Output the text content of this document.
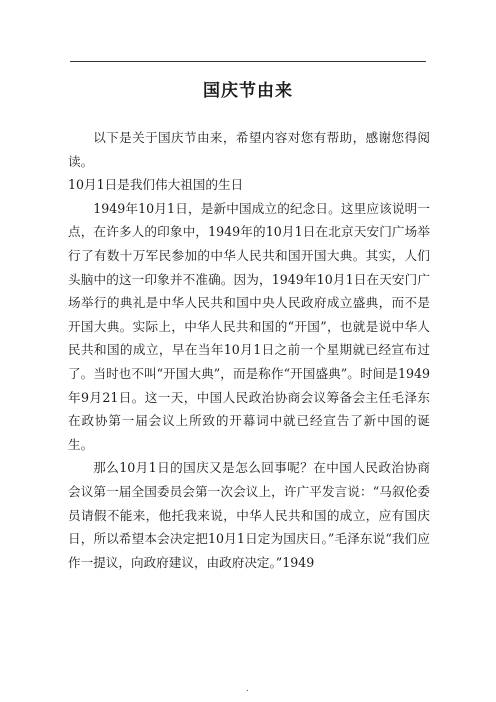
国庆节由来

以下是关于国庆节由来，希望内容对您有帮助，感谢您得阅读。

10月1日是我们伟大祖国的生日

1949年10月1日，是新中国成立的纪念日。这里应该说明一点，在许多人的印象中，1949年的10月1日在北京天安门广场举行了有数十万军民参加的中华人民共和国开国大典。其实，人们头脑中的这一印象并不准确。因为，1949年10月1日在天安门广场举行的典礼是中华人民共和国中央人民政府成立盛典，而不是开国大典。实际上，中华人民共和国的“开国”，也就是说中华人民共和国的成立，早在当年10月1日之前一个星期就已经宣布过了。当时也不叫“开国大典”，而是称作“开国盛典”。时间是1949年9月21日。这一天，中国人民政治协商会议筹备会主任毛泽东在政协第一届会议上所致的开幕词中就已经宣告了新中国的诞生。

那么10月1日的国庆又是怎么回事呢？在中国人民政治协商会议第一届全国委员会第一次会议上，许广平发言说：“马叙伦委员请假不能来，他托我来说，中华人民共和国的成立，应有国庆日，所以希望本会决定把10月1日定为国庆日。”毛泽东说“我们应作一提议，向政府建议，由政府决定。”1949

.
